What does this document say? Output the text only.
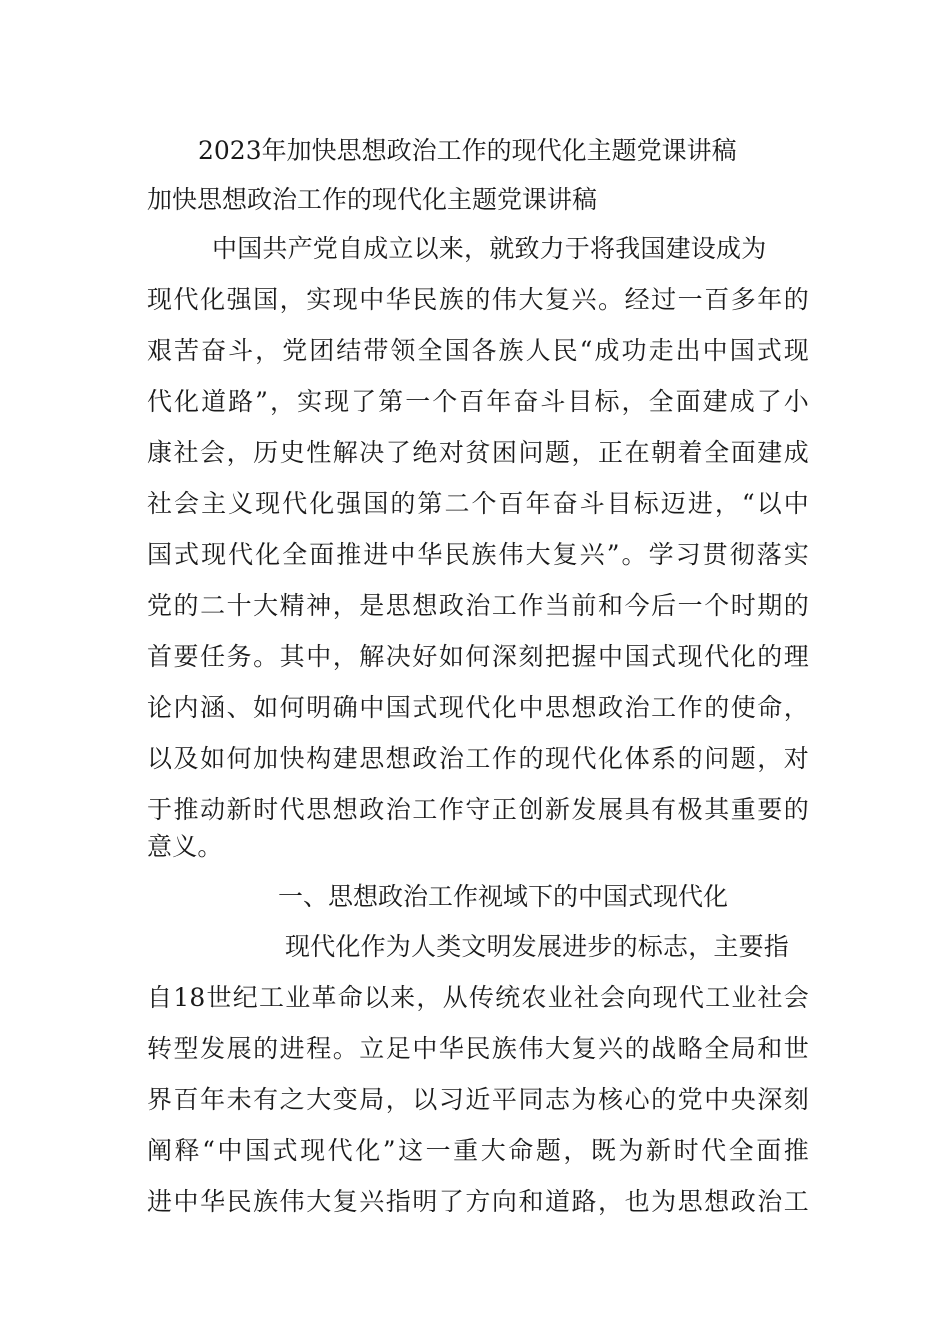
2023年加快思想政治工作的现代化主题党课讲稿
加快思想政治工作的现代化主题党课讲稿
中国共产党自成立以来，就致力于将我国建设成为
现代化强国，实现中华民族的伟大复兴。经过一百多年的
艰苦奋斗，党团结带领全国各族人民“成功走出中国式现
代化道路”，实现了第一个百年奋斗目标，全面建成了小
康社会，历史性解决了绝对贫困问题，正在朝着全面建成
社会主义现代化强国的第二个百年奋斗目标迈进，“以中
国式现代化全面推进中华民族伟大复兴”。学习贯彻落实
党的二十大精神，是思想政治工作当前和今后一个时期的
首要任务。其中，解决好如何深刻把握中国式现代化的理
论内涵、如何明确中国式现代化中思想政治工作的使命，
以及如何加快构建思想政治工作的现代化体系的问题，对
于推动新时代思想政治工作守正创新发展具有极其重要的
意义。
一、思想政治工作视域下的中国式现代化
现代化作为人类文明发展进步的标志，主要指
自18世纪工业革命以来，从传统农业社会向现代工业社会
转型发展的进程。立足中华民族伟大复兴的战略全局和世
界百年未有之大变局，以习近平同志为核心的党中央深刻
阐释“中国式现代化”这一重大命题，既为新时代全面推
进中华民族伟大复兴指明了方向和道路，也为思想政治工
